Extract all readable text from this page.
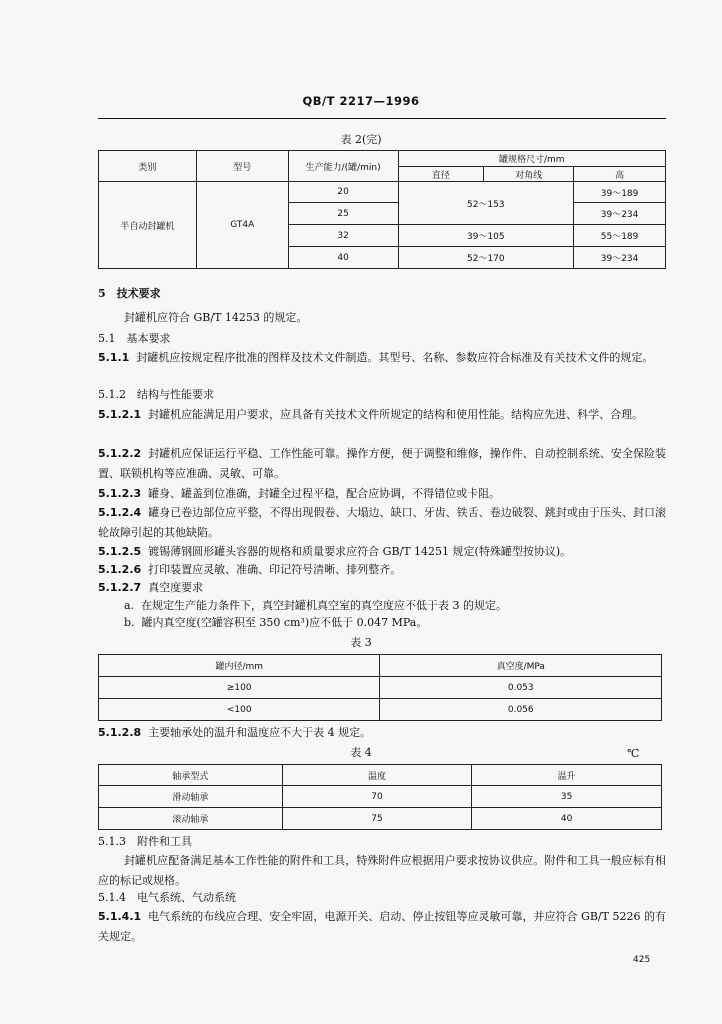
QB/T 2217—1996
表 2(完)
类别	型号	生产能力/(罐/min)	罐规格尺寸/mm		
			直径	对角线	高
半自动封罐机	GT4A	20	52～153		39～189
		25			39～234
		32	39～105		55～189
		40	52～170		39～234
5　技术要求
封罐机应符合 GB/T 14253 的规定。
5.1　基本要求
5.1.1 封罐机应按规定程序批准的图样及技术文件制造。其型号、名称、参数应符合标准及有关技术文件的规定。
5.1.2　结构与性能要求
5.1.2.1 封罐机应能满足用户要求，应具备有关技术文件所规定的结构和使用性能。结构应先进、科学、合理。
5.1.2.2 封罐机应保证运行平稳、工作性能可靠。操作方便，便于调整和维修，操作件、自动控制系统、安全保险装置、联锁机构等应准确、灵敏、可靠。
5.1.2.3 罐身、罐盖到位准确，封罐全过程平稳，配合应协调，不得错位或卡阻。
5.1.2.4 罐身已卷边部位应平整，不得出现假卷、大塌边、缺口、牙齿、铁舌、卷边破裂、跳封或由于压头、封口滚轮故障引起的其他缺陷。
5.1.2.5 镀锡薄钢圆形罐头容器的规格和质量要求应符合 GB/T 14251 规定(特殊罐型按协议)。
5.1.2.6 打印装置应灵敏、准确、印记符号清晰、排列整齐。
5.1.2.7 真空度要求
a. 在规定生产能力条件下，真空封罐机真空室的真空度应不低于表 3 的规定。
b. 罐内真空度(空罐容积至 350 cm³)应不低于 0.047 MPa。
表 3
罐内径/mm	真空度/MPa
≥100	0.053
<100	0.056
5.1.2.8 主要轴承处的温升和温度应不大于表 4 规定。
表 4	℃
轴承型式	温度	温升
滑动轴承	70	35
滚动轴承	75	40
5.1.3　附件和工具
封罐机应配备满足基本工作性能的附件和工具，特殊附件应根据用户要求按协议供应。附件和工具一般应标有相应的标记或规格。
5.1.4　电气系统、气动系统
5.1.4.1 电气系统的布线应合理、安全牢固，电源开关、启动、停止按钮等应灵敏可靠，并应符合 GB/T 5226 的有关规定。
425
